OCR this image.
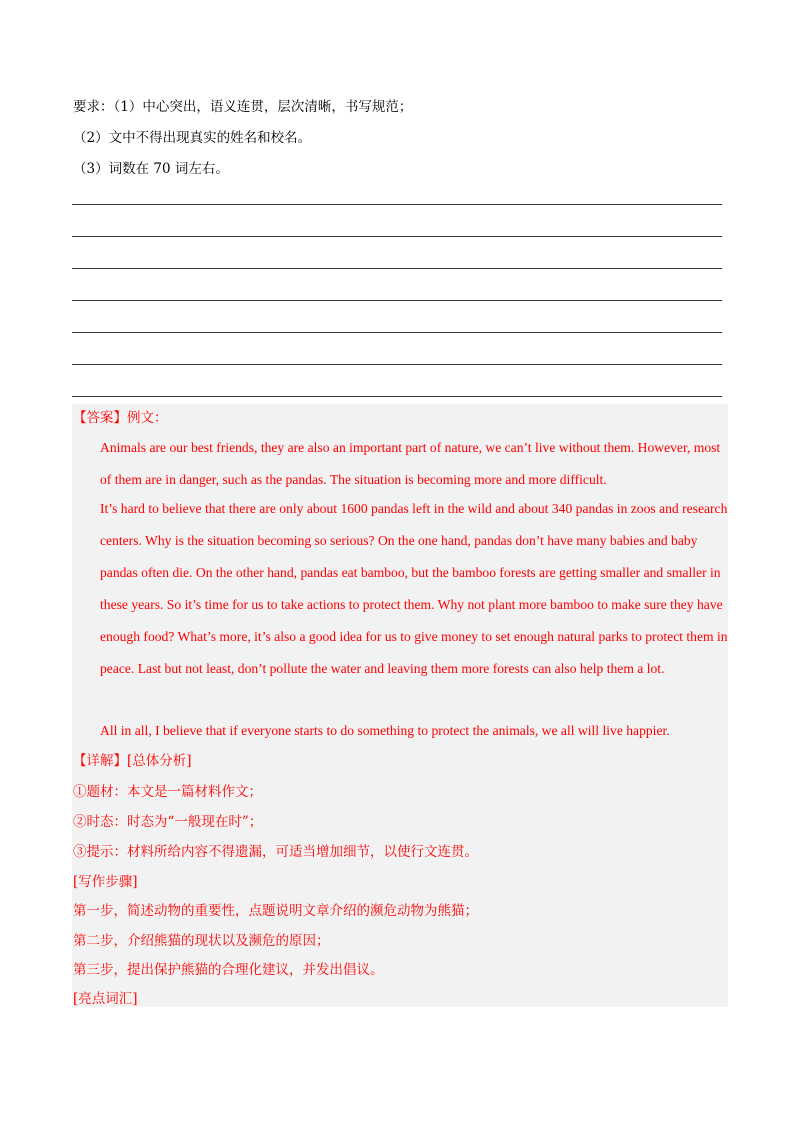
要求：（1）中心突出，语义连贯，层次清晰，书写规范；
（2）文中不得出现真实的姓名和校名。
（3）词数在 70 词左右。
【答案】例文：
Animals are our best friends, they are also an important part of nature, we can’t live without them. However, most of them are in danger, such as the pandas. The situation is becoming more and more difficult.
It’s hard to believe that there are only about 1600 pandas left in the wild and about 340 pandas in zoos and research centers. Why is the situation becoming so serious? On the one hand, pandas don’t have many babies and baby pandas often die. On the other hand, pandas eat bamboo, but the bamboo forests are getting smaller and smaller in these years. So it’s time for us to take actions to protect them. Why not plant more bamboo to make sure they have enough food? What’s more, it’s also a good idea for us to give money to set enough natural parks to protect them in peace. Last but not least, don’t pollute the water and leaving them more forests can also help them a lot.
All in all, I believe that if everyone starts to do something to protect the animals, we all will live happier.
【详解】[总体分析]
①题材：本文是一篇材料作文；
②时态：时态为“一般现在时”；
③提示：材料所给内容不得遗漏，可适当增加细节，以使行文连贯。
[写作步骤]
第一步，简述动物的重要性，点题说明文章介绍的濒危动物为熊猫；
第二步，介绍熊猫的现状以及濒危的原因；
第三步，提出保护熊猫的合理化建议，并发出倡议。
[亮点词汇]
